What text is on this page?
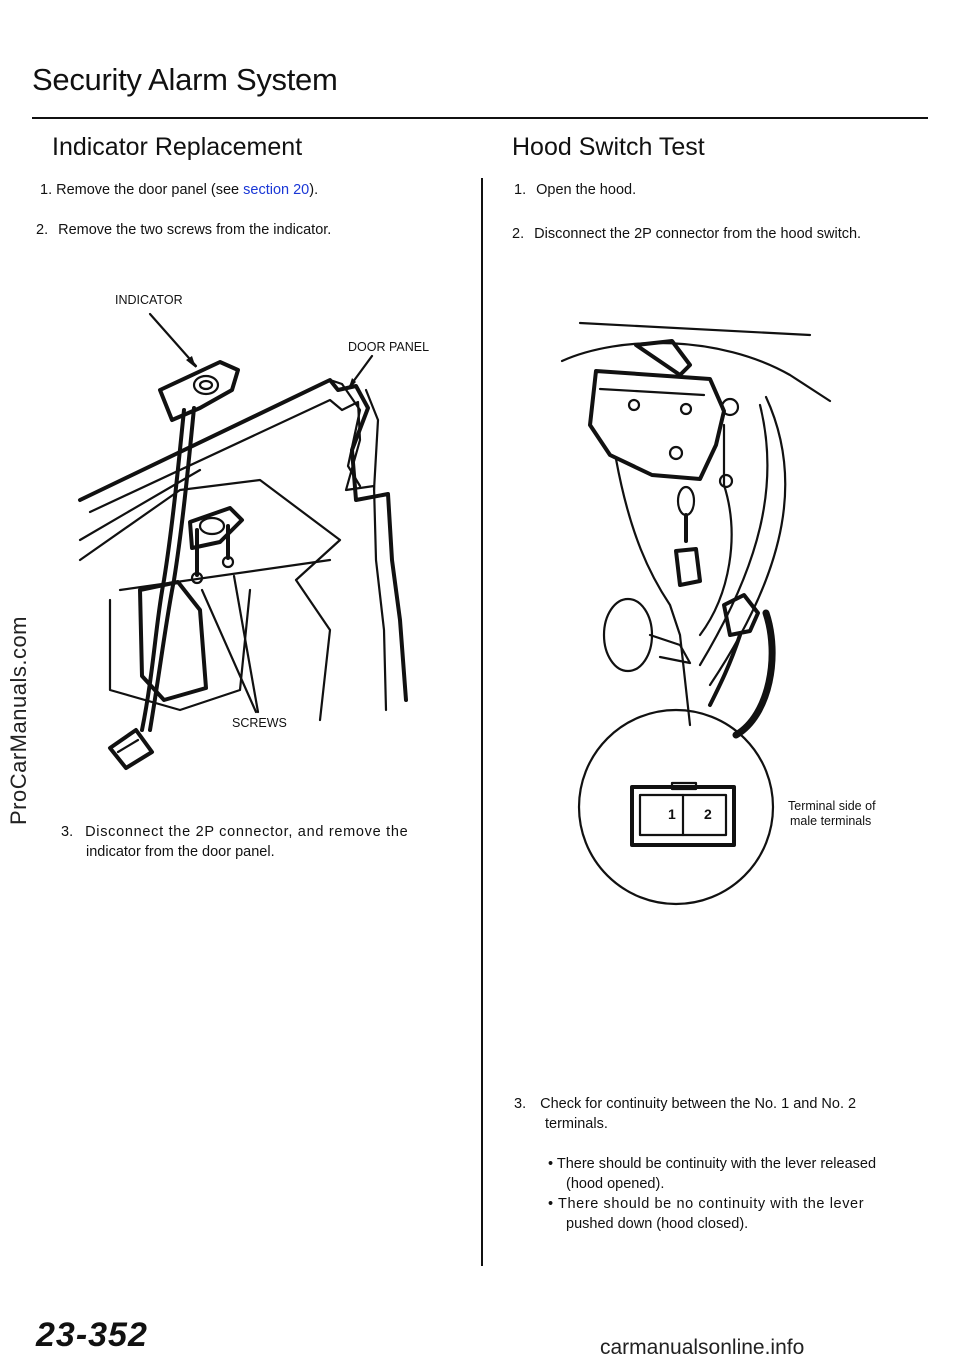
Security Alarm System
ProCarManuals.com
Indicator Replacement
1. Remove the door panel (see section 20).
2. Remove the two screws from the indicator.
INDICATOR
DOOR PANEL
SCREWS
3. Disconnect the 2P connector, and remove the
indicator from the door panel.
Hood Switch Test
1. Open the hood.
2. Disconnect the 2P connector from the hood switch.
1 2	Terminal side of
male terminals
3. Check for continuity between the No. 1 and No. 2
terminals.
• There should be continuity with the lever released
(hood opened).
• There should be no continuity with the lever
pushed down (hood closed).
23-352	carmanualsonline.info
